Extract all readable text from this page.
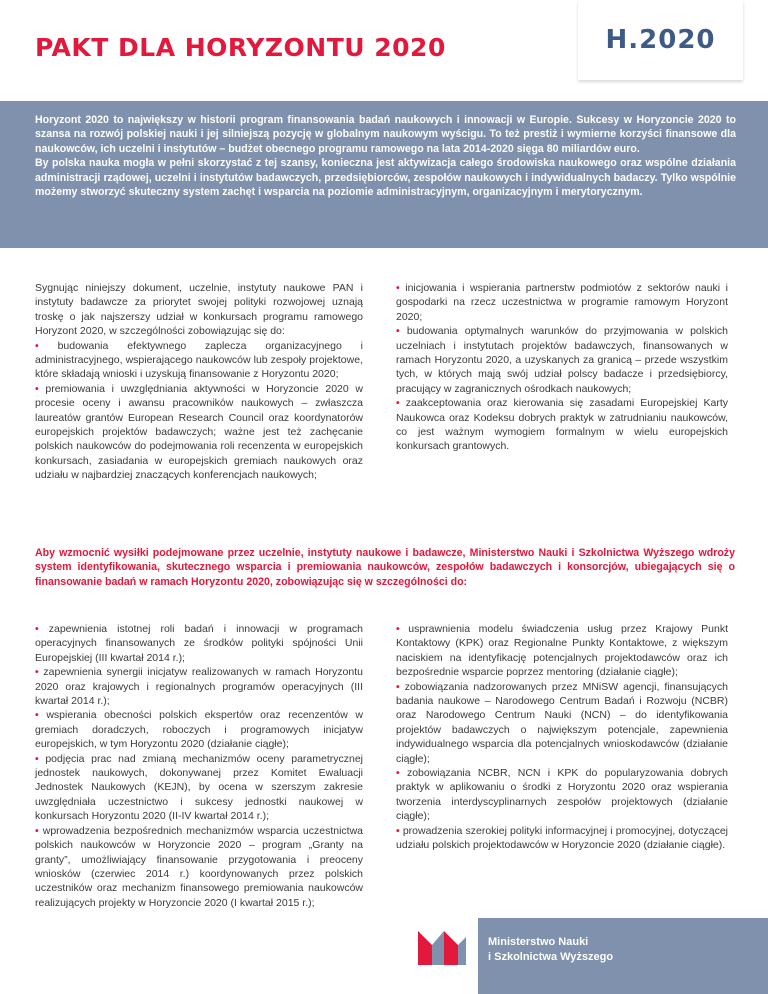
PAKT DLA HORYZONTU 2020	H.2020

Horyzont 2020 to największy w historii program finansowania badań naukowych i innowacji w Europie. Sukcesy w Horyzoncie 2020 to szansa na rozwój polskiej nauki i jej silniejszą pozycję w globalnym naukowym wyścigu. To też prestiż i wymierne korzyści finansowe dla naukowców, ich uczelni i instytutów – budżet obecnego programu ramowego na lata 2014-2020 sięga 80 miliardów euro.

By polska nauka mogła w pełni skorzystać z tej szansy, konieczna jest aktywizacja całego środowiska naukowego oraz wspólne działania administracji rządowej, uczelni i instytutów badawczych, przedsiębiorców, zespołów naukowych i indywidualnych badaczy. Tylko wspólnie możemy stworzyć skuteczny system zachęt i wsparcia na poziomie administracyjnym, organizacyjnym i merytorycznym.

Sygnując niniejszy dokument, uczelnie, instytuty naukowe PAN i instytuty badawcze za priorytet swojej polityki rozwojowej uznają troskę o jak najszerszy udział w konkursach programu ramowego Horyzont 2020, w szczególności zobowiązując się do:

• budowania efektywnego zaplecza organizacyjnego i administracyjnego, wspierającego naukowców lub zespoły projektowe, które składają wnioski i uzyskują finansowanie z Horyzontu 2020;

• premiowania i uwzględniania aktywności w Horyzoncie 2020 w procesie oceny i awansu pracowników naukowych – zwłaszcza laureatów grantów European Research Council oraz koordynatorów europejskich projektów badawczych; ważne jest też zachęcanie polskich naukowców do podejmowania roli recenzenta w europejskich konkursach, zasiadania w europejskich gremiach naukowych oraz udziału w najbardziej znaczących konferencjach naukowych;

• inicjowania i wspierania partnerstw podmiotów z sektorów nauki i gospodarki na rzecz uczestnictwa w programie ramowym Horyzont 2020;

• budowania optymalnych warunków do przyjmowania w polskich uczelniach i instytutach projektów badawczych, finansowanych w ramach Horyzontu 2020, a uzyskanych za granicą – przede wszystkim tych, w których mają swój udział polscy badacze i przedsiębiorcy, pracujący w zagranicznych ośrodkach naukowych;

• zaakceptowania oraz kierowania się zasadami Europejskiej Karty Naukowca oraz Kodeksu dobrych praktyk w zatrudnianiu naukowców, co jest ważnym wymogiem formalnym w wielu europejskich konkursach grantowych.

Aby wzmocnić wysiłki podejmowane przez uczelnie, instytuty naukowe i badawcze, Ministerstwo Nauki i Szkolnictwa Wyższego wdroży system identyfikowania, skutecznego wsparcia i premiowania naukowców, zespołów badawczych i konsorcjów, ubiegających się o finansowanie badań w ramach Horyzontu 2020, zobowiązując się w szczególności do:

• zapewnienia istotnej roli badań i innowacji w programach operacyjnych finansowanych ze środków polityki spójności Unii Europejskiej (III kwartał 2014 r.);

• zapewnienia synergii inicjatyw realizowanych w ramach Horyzontu 2020 oraz krajowych i regionalnych programów operacyjnych (III kwartał 2014 r.);

• wspierania obecności polskich ekspertów oraz recenzentów w gremiach doradczych, roboczych i programowych inicjatyw europejskich, w tym Horyzontu 2020 (działanie ciągłe);

• podjęcia prac nad zmianą mechanizmów oceny parametrycznej jednostek naukowych, dokonywanej przez Komitet Ewaluacji Jednostek Naukowych (KEJN), by ocena w szerszym zakresie uwzględniała uczestnictwo i sukcesy jednostki naukowej w konkursach Horyzontu 2020 (II-IV kwartał 2014 r.);

• wprowadzenia bezpośrednich mechanizmów wsparcia uczestnictwa polskich naukowców w Horyzoncie 2020 – program „Granty na granty”, umożliwiający finansowanie przygotowania i preoceny wniosków (czerwiec 2014 r.) koordynowanych przez polskich uczestników oraz mechanizm finansowego premiowania naukowców realizujących projekty w Horyzoncie 2020 (I kwartał 2015 r.);

• usprawnienia modelu świadczenia usług przez Krajowy Punkt Kontaktowy (KPK) oraz Regionalne Punkty Kontaktowe, z większym naciskiem na identyfikację potencjalnych projektodawców oraz ich bezpośrednie wsparcie poprzez mentoring (działanie ciągłe);

• zobowiązania nadzorowanych przez MNiSW agencji, finansujących badania naukowe – Narodowego Centrum Badań i Rozwoju (NCBR) oraz Narodowego Centrum Nauki (NCN) – do identyfikowania projektów badawczych o największym potencjale, zapewnienia indywidualnego wsparcia dla potencjalnych wnioskodawców (działanie ciągłe);

• zobowiązania NCBR, NCN i KPK do popularyzowania dobrych praktyk w aplikowaniu o środki z Horyzontu 2020 oraz wspierania tworzenia interdyscyplinarnych zespołów projektowych (działanie ciągłe);

• prowadzenia szerokiej polityki informacyjnej i promocyjnej, dotyczącej udziału polskich projektodawców w Horyzoncie 2020 (działanie ciągłe).

Ministerstwo Nauki
i Szkolnictwa Wyższego
